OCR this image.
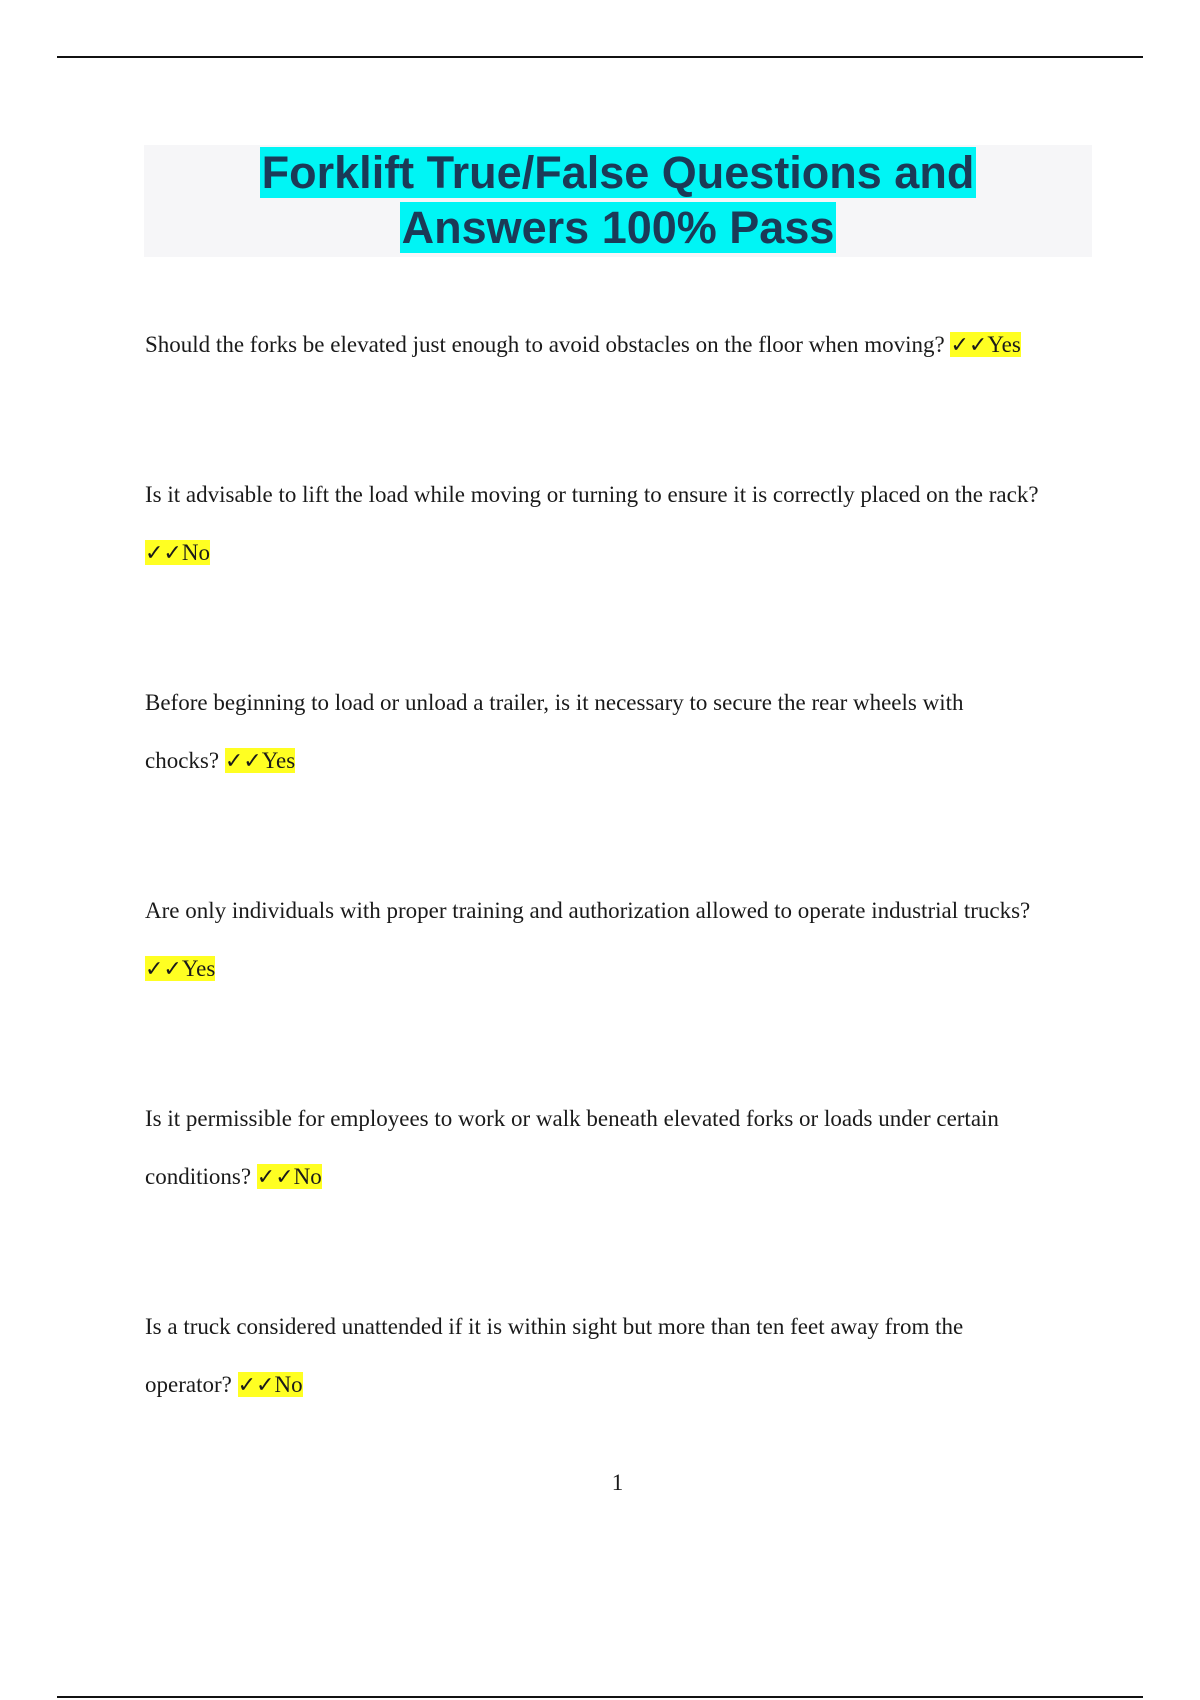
Forklift True/False Questions and
Answers 100% Pass

Should the forks be elevated just enough to avoid obstacles on the floor when moving? ✓✓Yes

Is it advisable to lift the load while moving or turning to ensure it is correctly placed on the rack? ✓✓No

Before beginning to load or unload a trailer, is it necessary to secure the rear wheels with chocks? ✓✓Yes

Are only individuals with proper training and authorization allowed to operate industrial trucks? ✓✓Yes

Is it permissible for employees to work or walk beneath elevated forks or loads under certain conditions? ✓✓No

Is a truck considered unattended if it is within sight but more than ten feet away from the operator? ✓✓No

1
